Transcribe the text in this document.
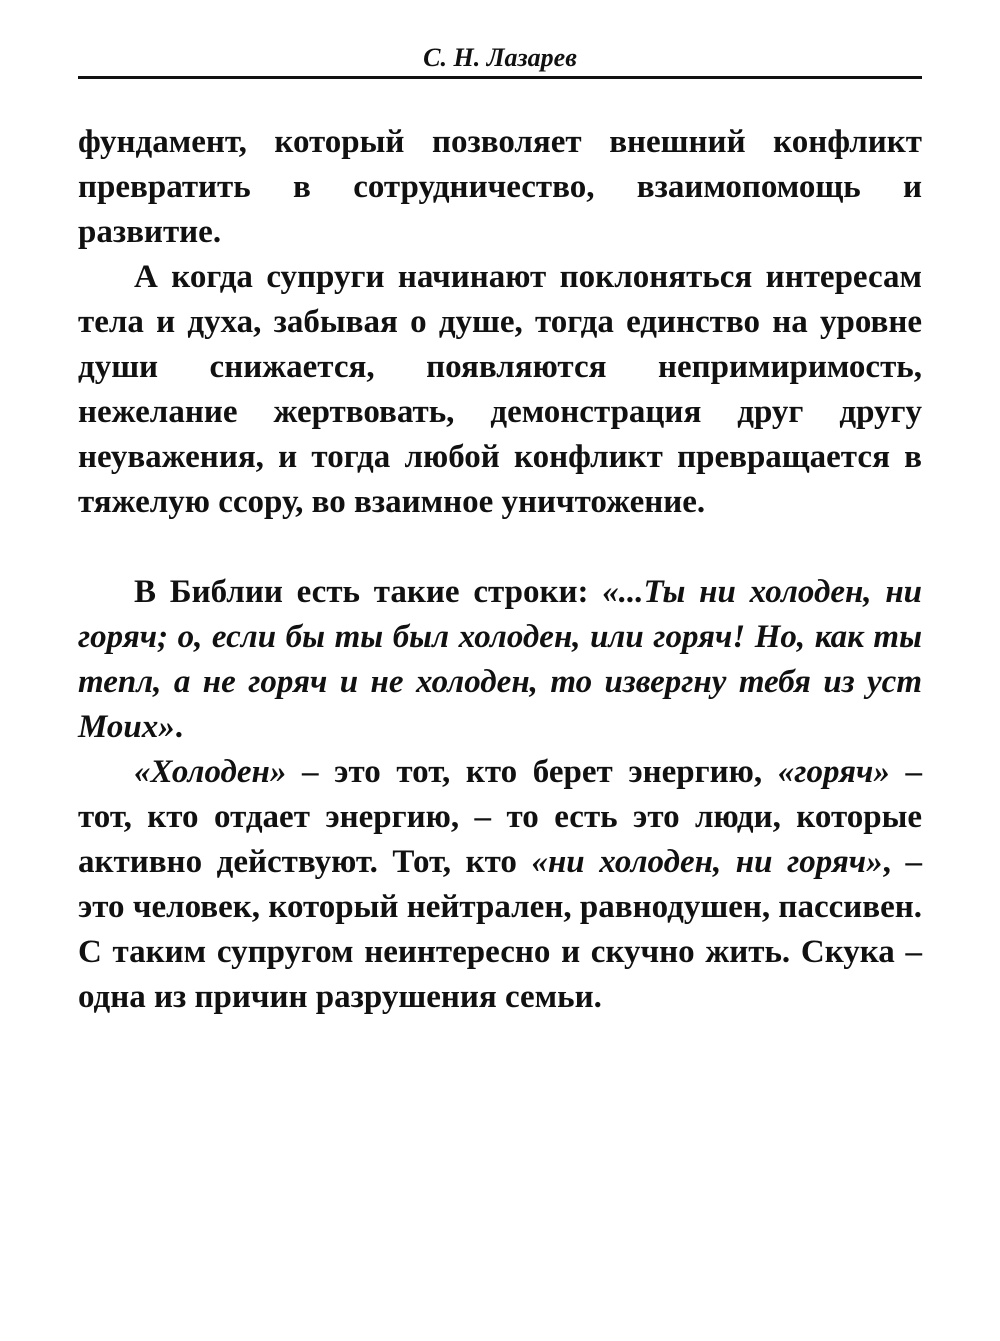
С. Н. Лазарев

фундамент, который позволяет внешний конфликт превратить в сотрудничество, взаимопомощь и развитие.

А когда супруги начинают поклоняться интересам тела и духа, забывая о душе, тогда единство на уровне души снижается, появляются непримиримость, нежелание жертвовать, демонстрация друг другу неуважения, и тогда любой конфликт превращается в тяжелую ссору, во взаимное уничтожение.

В Библии есть такие строки: «...Ты ни холоден, ни горяч; о, если бы ты был холоден, или горяч! Но, как ты тепл, а не горяч и не холоден, то извергну тебя из уст Моих».

«Холоден» – это тот, кто берет энергию, «горяч» – тот, кто отдает энергию, – то есть это люди, которые активно действуют. Тот, кто «ни холоден, ни горяч», – это человек, который нейтрален, равнодушен, пассивен. С таким супругом неинтересно и скучно жить. Скука – одна из причин разрушения семьи.
